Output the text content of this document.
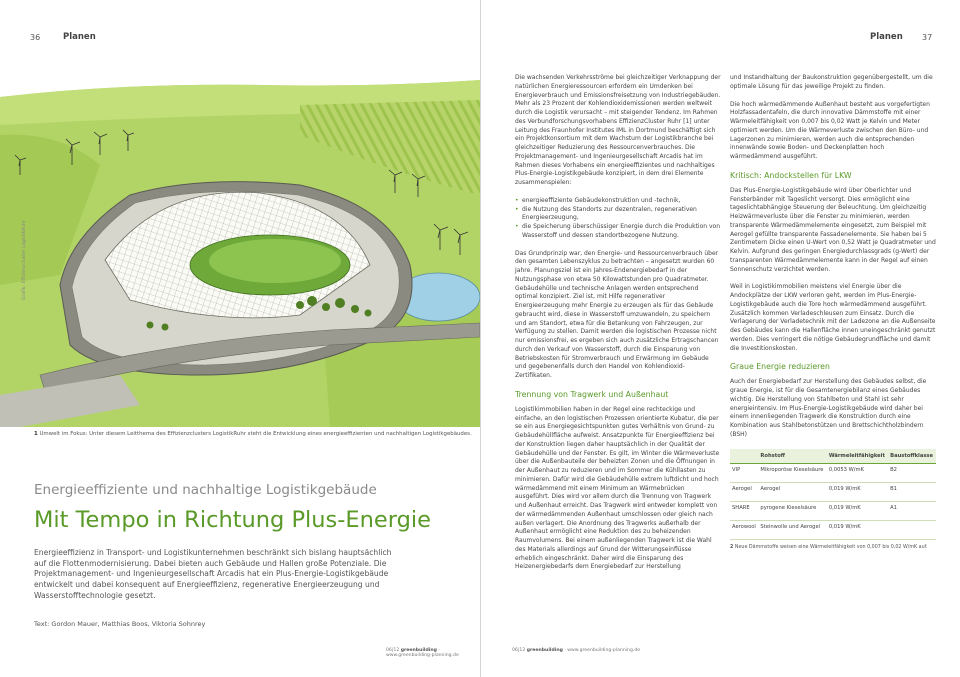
36	Planen
Grafik: Effizienzcluster LogistikRuhr
1 Umwelt im Fokus: Unter diesem Leitthema des Effizienzclusters LogistikRuhr steht die Entwicklung eines energieeffizienten und nachhaltigen Logistikgebäudes.
Energieeffiziente und nachhaltige Logistikgebäude
Mit Tempo in Richtung Plus-Energie
Energieeffizienz in Transport- und Logistikunternehmen beschränkt sich bislang hauptsächlich auf die Flottenmodernisierung. Dabei bieten auch Gebäude und Hallen große Potenziale. Die Projektmanagement- und Ingenieurgesellschaft Arcadis hat ein Plus-Energie-Logistikgebäude entwickelt und dabei konsequent auf Energieeffizienz, regenerative Energieerzeugung und Wasserstofftechnologie gesetzt.
Text: Gordon Mauer, Matthias Boos, Viktoria Sohnrey
06|12 greenbuilding · www.greenbuilding-planning.de
Planen 37
06|12 greenbuilding · www.greenbuilding-planning.de

Die wachsenden Verkehrsströme bei gleichzeitiger Verknappung der natürlichen Energieressourcen erfordern ein Umdenken bei Energieverbrauch und Emissionsfreisetzung von Industriegebäuden. Mehr als 23 Prozent der Kohlendioxidemissionen werden weltweit durch die Logistik verursacht – mit steigender Tendenz. Im Rahmen des Verbundforschungsvorhabens EffizienzCluster Ruhr [1] unter Leitung des Fraunhofer Institutes IML in Dortmund beschäftigt sich ein Projektkonsortium mit dem Wachstum der Logistikbranche bei gleichzeitiger Reduzierung des Ressourcenverbrauches. Die Projektmanagement- und Ingenieurgesellschaft Arcadis hat im Rahmen dieses Vorhabens ein energieeffizientes und nachhaltiges Plus-Energie-Logistikgebäude konzipiert, in dem drei Elemente zusammenspielen:

• energieeffiziente Gebäudekonstruktion und -technik,
• die Nutzung des Standorts zur dezentralen, regenerativen Energieerzeugung,
• die Speicherung überschüssiger Energie durch die Produktion von Wasserstoff und dessen standortbezogene Nutzung.

Das Grundprinzip war, den Energie- und Ressourcenverbrauch über den gesamten Lebenszyklus zu betrachten – angesetzt wurden 60 Jahre. Planungsziel ist ein Jahres-Endenergiebedarf in der Nutzungsphase von etwa 50 Kilowattstunden pro Quadratmeter. Gebäudehülle und technische Anlagen werden entsprechend optimal konzipiert. Ziel ist, mit Hilfe regenerativer Energieerzeugung mehr Energie zu erzeugen als für das Gebäude gebraucht wird, diese in Wasserstoff umzuwandeln, zu speichern und am Standort, etwa für die Betankung von Fahrzeugen, zur Verfügung zu stellen. Damit werden die logistischen Prozesse nicht nur emissionsfrei, es ergeben sich auch zusätzliche Ertragschancen durch den Verkauf von Wasserstoff, durch die Einsparung von Betriebskosten für Stromverbrauch und Erwärmung im Gebäude und gegebenenfalls durch den Handel von Kohlendioxid-Zertifikaten.

Trennung von Tragwerk und Außenhaut

Logistikimmobilien haben in der Regel eine rechteckige und einfache, an den logistischen Prozessen orientierte Kubatur, die per se ein aus Energiegesichtspunkten gutes Verhältnis von Grund- zu Gebäudehüllfläche aufweist. Ansatzpunkte für Energieeffizienz bei der Konstruktion liegen daher hauptsächlich in der Qualität der Gebäudehülle und der Fenster. Es gilt, im Winter die Wärmeverluste über die Außenbauteile der beheizten Zonen und die Öffnungen in der Außenhaut zu reduzieren und im Sommer die Kühllasten zu minimieren. Dafür wird die Gebäudehülle extrem luftdicht und hoch wärmedämmend mit einem Minimum an Wärmebrücken ausgeführt. Dies wird vor allem durch die Trennung von Tragwerk und Außenhaut erreicht. Das Tragwerk wird entweder komplett von der wärmedämmenden Außenhaut umschlossen oder gleich nach außen verlagert. Die Anordnung des Tragwerks außerhalb der Außenhaut ermöglicht eine Reduktion des zu beheizenden Raumvolumens. Bei einem außenliegenden Tragwerk ist die Wahl des Materials allerdings auf Grund der Witterungseinflüsse erheblich eingeschränkt. Daher wird die Einsparung des Heizenergiebedarfs dem Energiebedarf zur Herstellung

und Instandhaltung der Baukonstruktion gegenübergestellt, um die optimale Lösung für das jeweilige Projekt zu finden.

Die hoch wärmedämmende Außenhaut besteht aus vorgefertigten Holzfassadentafeln, die durch innovative Dämmstoffe mit einer Wärmeleitfähigkeit von 0,007 bis 0,02 Watt je Kelvin und Meter optimiert werden. Um die Wärmeverluste zwischen den Büro- und Lagerzonen zu minimieren, werden auch die entsprechenden innenwände sowie Boden- und Deckenplatten hoch wärmedämmend ausgeführt.

Kritisch: Andockstellen für LKW

Das Plus-Energie-Logistikgebäude wird über Oberlichter und Fensterbänder mit Tageslicht versorgt. Dies ermöglicht eine tageslichtabhängige Steuerung der Beleuchtung. Um gleichzeitig Heizwärmeverluste über die Fenster zu minimieren, werden transparente Wärmedämmelemente eingesetzt, zum Beispiel mit Aerogel gefüllte transparente Fassadenelemente. Sie haben bei 5 Zentimetern Dicke einen U-Wert von 0,52 Watt je Quadratmeter und Kelvin. Aufgrund des geringen Energiedurchlassgrads (g-Wert) der transparenten Wärmedämmelemente kann in der Regel auf einen Sonnenschutz verzichtet werden.

Weil in Logistikimmobilien meistens viel Energie über die Andockplätze der LKW verloren geht, werden im Plus-Energie-Logistikgebäude auch die Tore hoch wärmedämmend ausgeführt. Zusätzlich kommen Verladeschleusen zum Einsatz. Durch die Verlagerung der Verladetechnik mit der Ladezone an die Außenseite des Gebäudes kann die Hallenfläche innen uneingeschränkt genutzt werden. Dies verringert die nötige Gebäudegrundfläche und damit die Investitionskosten.

Graue Energie reduzieren

Auch der Energiebedarf zur Herstellung des Gebäudes selbst, die graue Energie, ist für die Gesamtenergiebilanz eines Gebäudes wichtig. Die Herstellung von Stahlbeton und Stahl ist sehr energieintensiv. Im Plus-Energie-Logistikgebäude wird daher bei einem innenliegenden Tragwerk die Konstruktion durch eine Kombination aus Stahlbetonstützen und Brettschichtholzbindern (BSH)

	Rohstoff	Wärmeleitfähigkeit	Baustoffklasse
VIP	Mikroporöse Kieselsäure	0,0053 W/mK	B2
Aerogel	Aerogel	0,019 W/mK	B1
SHARE	pyrogene Kieselsäure	0,019 W/mK	A1
Aerowool	Steinwolle und Aerogel	0,019 W/mK	
2 Neue Dämmstoffe weisen eine Wärmeleitfähigkeit von 0,007 bis 0,02 W/mK auf.
